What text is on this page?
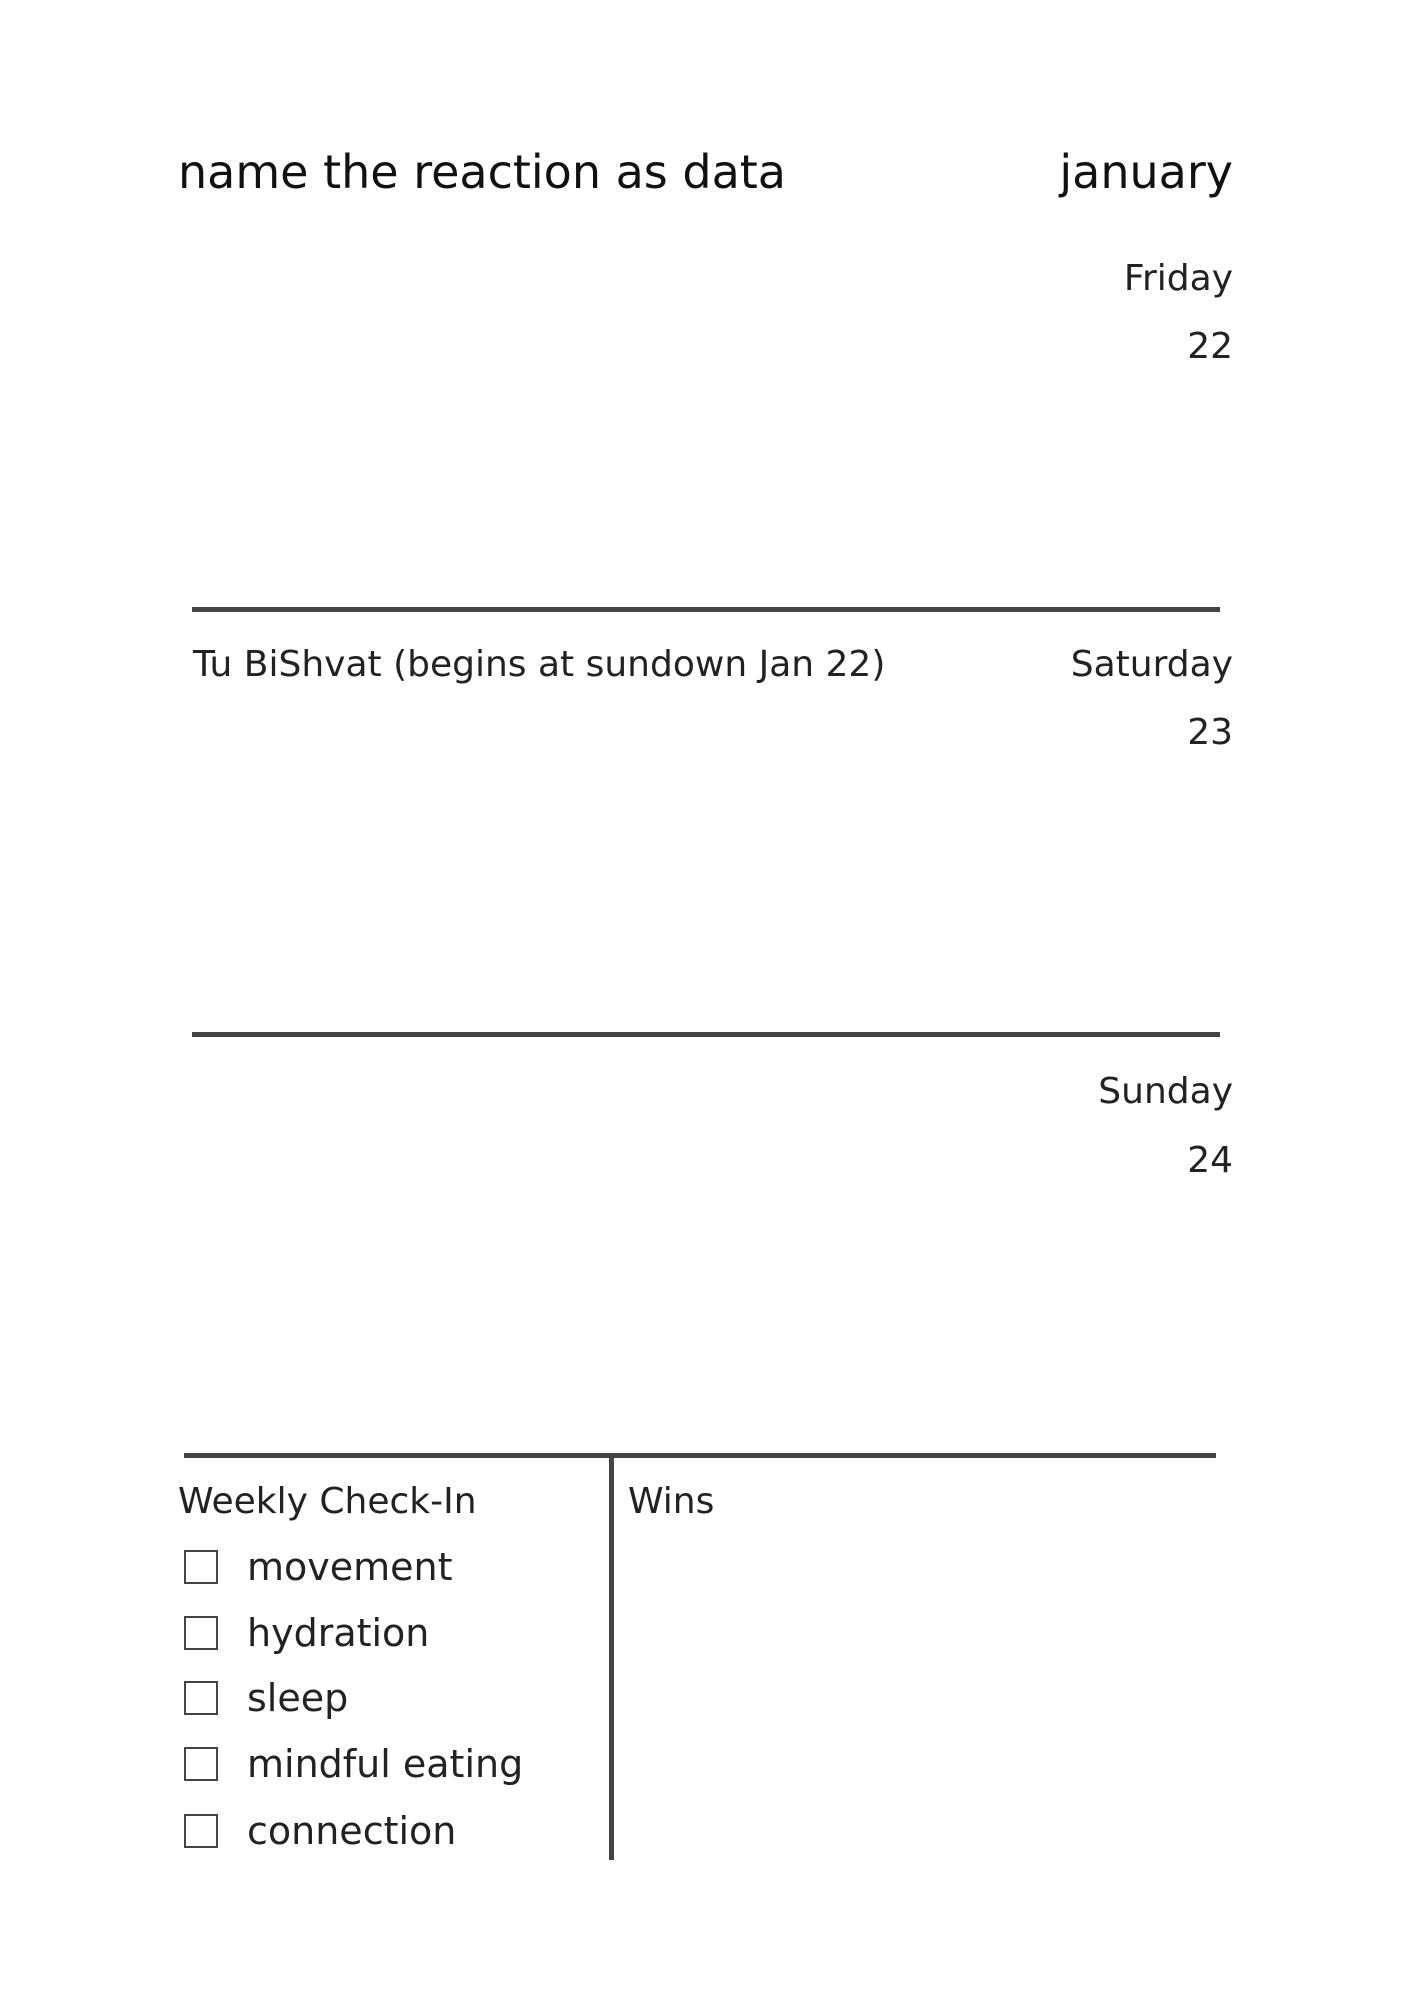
name the reaction as data	january
Friday
22
Tu BiShvat (begins at sundown Jan 22)	Saturday
23
Sunday
24
Weekly Check-In	Wins
movement
hydration
sleep
mindful eating
connection
